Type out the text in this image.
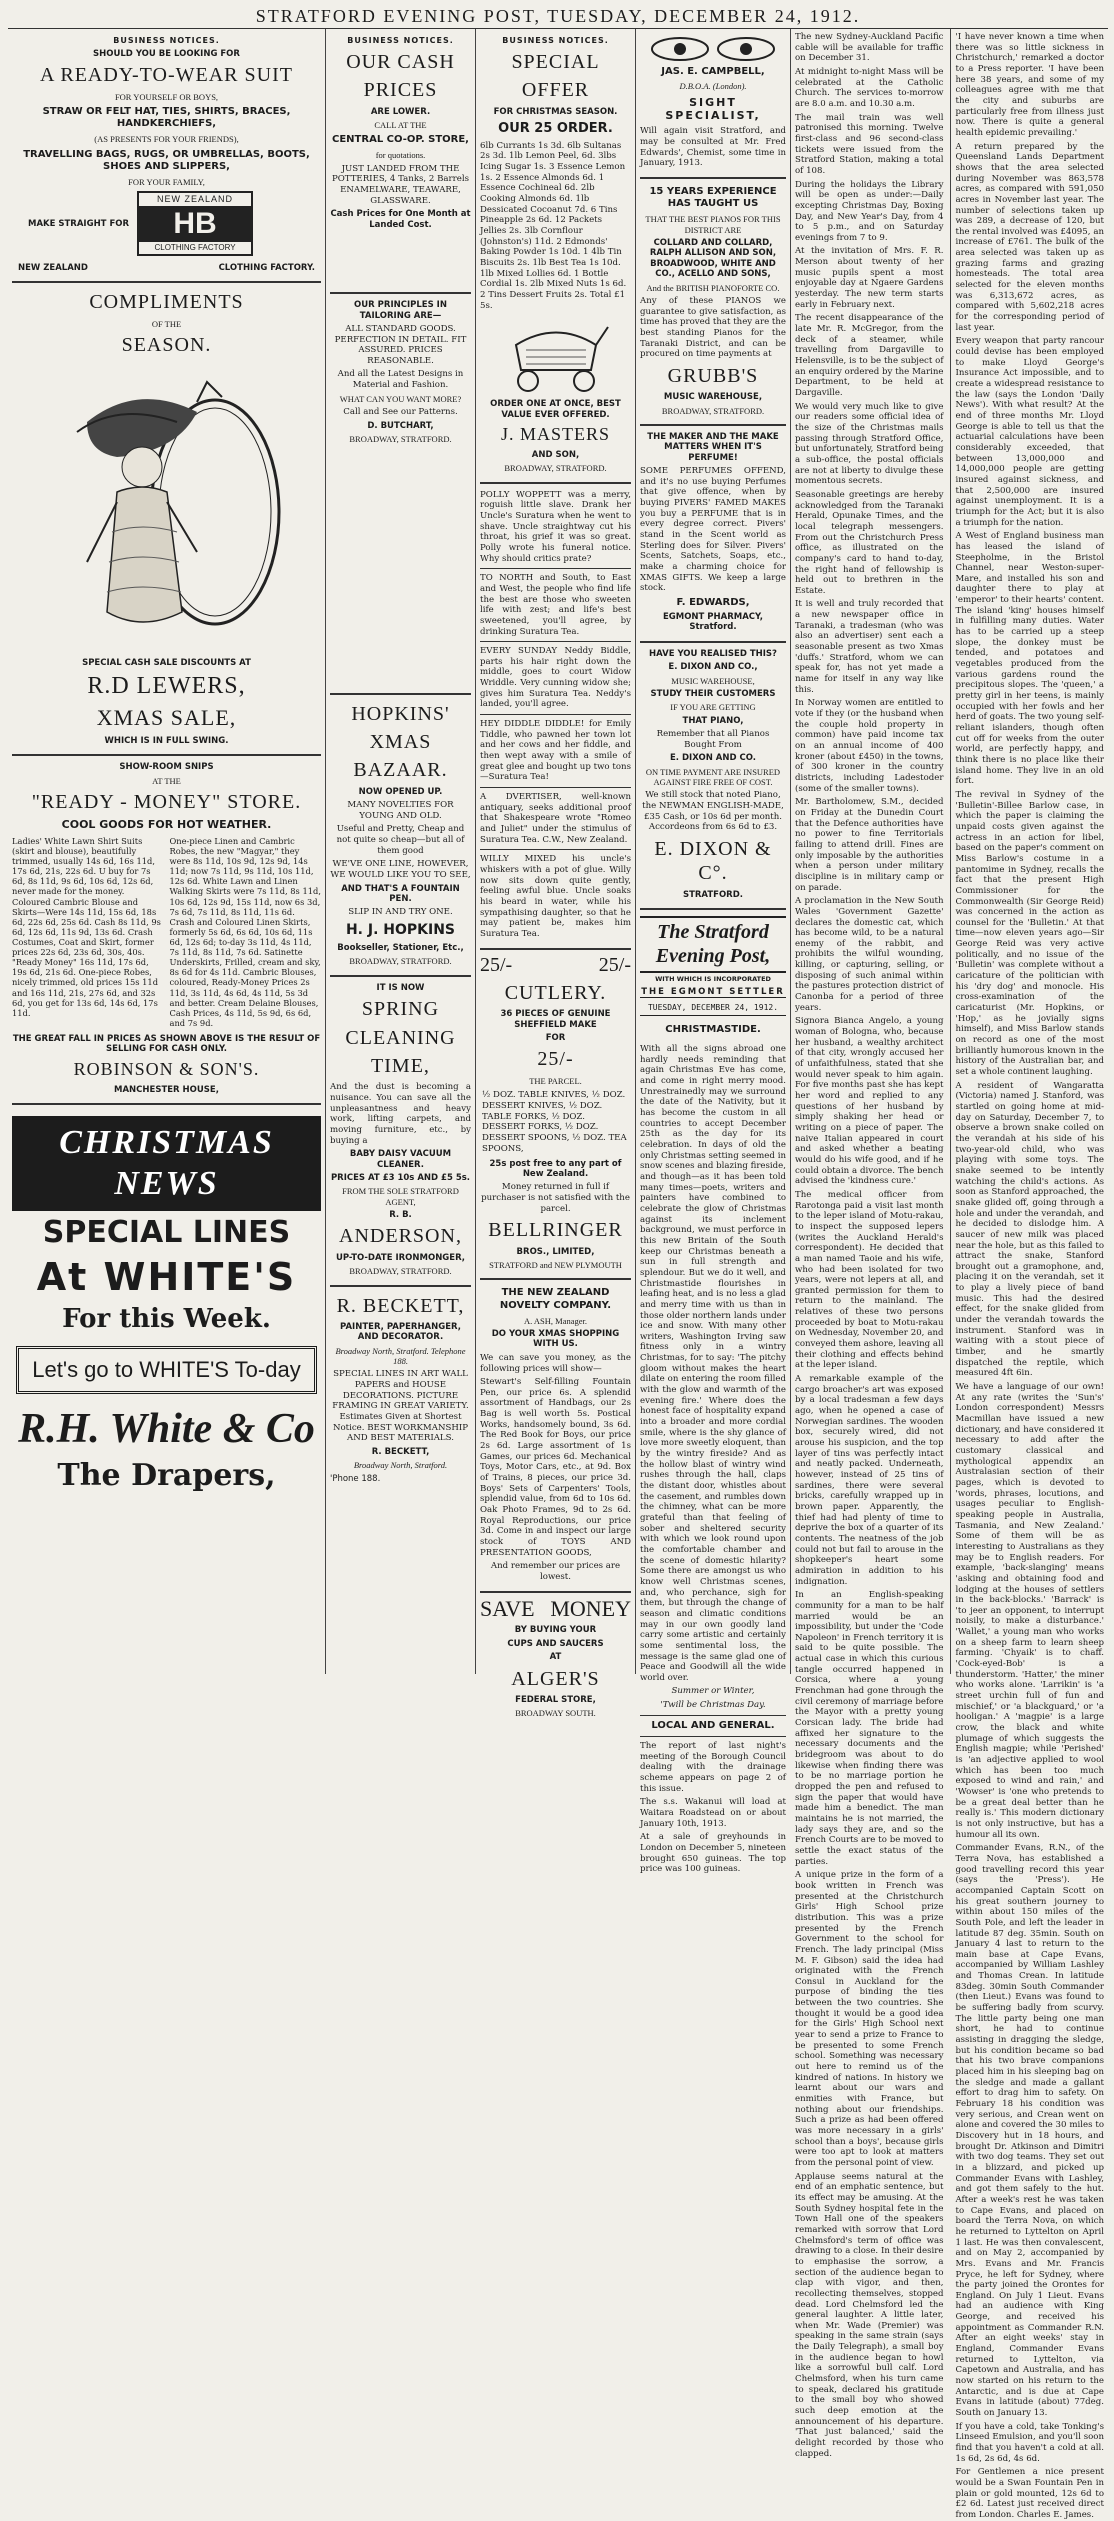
STRATFORD EVENING POST, TUESDAY, DECEMBER 24, 1912.
BUSINESS NOTICES.
SHOULD YOU BE LOOKING FOR
A READY-TO-WEAR SUIT
FOR YOURSELF OR BOYS,
STRAW OR FELT HAT, TIES, SHIRTS, BRACES, HANDKERCHIEFS,
(AS PRESENTS FOR YOUR FRIENDS),
TRAVELLING BAGS, RUGS, OR UMBRELLAS, BOOTS, SHOES AND SLIPPERS,
FOR YOUR FAMILY,
MAKE STRAIGHT FOR
NEW ZEALAND
HB
CLOTHING FACTORY
NEW ZEALAND	CLOTHING FACTORY.
COMPLIMENTS
OF THE
SEASON.
SPECIAL CASH SALE DISCOUNTS AT
R.D LEWERS,
XMAS SALE,
WHICH IS IN FULL SWING.
SHOW-ROOM SNIPS
AT THE
"READY - MONEY" STORE.
COOL GOODS FOR HOT WEATHER.
Ladies' White Lawn Shirt Suits (skirt and blouse), beautifully trimmed, usually 14s 6d, 16s 11d, 17s 6d, 21s, 22s 6d. U buy for 7s 6d, 8s 11d, 9s 6d, 10s 6d, 12s 6d, never made for the money. Coloured Cambric Blouse and Skirts—Were 14s 11d, 15s 6d, 18s 6d, 22s 6d, 25s 6d. Cash 8s 11d, 9s 6d, 12s 6d, 11s 9d, 13s 6d. Crash Costumes, Coat and Skirt, former prices 22s 6d, 23s 6d, 30s, 40s. "Ready Money" 16s 11d, 17s 6d, 19s 6d, 21s 6d. One-piece Robes, nicely trimmed, old prices 15s 11d and 16s 11d, 21s, 27s 6d, and 32s 6d, you get for 13s 6d, 14s 6d, 17s 11d.
One-piece Linen and Cambric Robes, the new "Magyar," they were 8s 11d, 10s 9d, 12s 9d, 14s 11d; now 7s 11d, 9s 11d, 10s 11d, 12s 6d. White Lawn and Linen Walking Skirts were 7s 11d, 8s 11d, 10s 6d, 12s 9d, 15s 11d, now 6s 3d, 7s 6d, 7s 11d, 8s 11d, 11s 6d. Crash and Coloured Linen Skirts, formerly 5s 6d, 6s 6d, 10s 6d, 11s 6d, 12s 6d; to-day 3s 11d, 4s 11d, 7s 11d, 8s 11d, 7s 6d. Satinette Underskirts, Frilled, cream and sky, 8s 6d for 4s 11d. Cambric Blouses, coloured, Ready-Money Prices 2s 11d, 3s 11d, 4s 6d, 4s 11d, 5s 3d and better. Cream Delaine Blouses, Cash Prices, 4s 11d, 5s 9d, 6s 6d, and 7s 9d.
THE GREAT FALL IN PRICES AS SHOWN ABOVE IS THE RESULT OF SELLING FOR CASH ONLY.
ROBINSON & SON'S.
MANCHESTER HOUSE,
CHRISTMAS NEWS
SPECIAL LINES
At WHITE'S
For this Week.
Let's go to WHITE'S To-day
R.H. White & Co
The Drapers,
BUSINESS NOTICES.
OUR CASH
PRICES
ARE LOWER.
CALL AT THE
CENTRAL CO-OP. STORE,
for quotations.
JUST LANDED FROM THE POTTERIES, 4 Tanks, 2 Barrels ENAMELWARE, TEAWARE, GLASSWARE.
Cash Prices for One Month at Landed Cost.
OUR PRINCIPLES IN TAILORING ARE—
ALL STANDARD GOODS. PERFECTION IN DETAIL. FIT ASSURED. PRICES REASONABLE.
And all the Latest Designs in Material and Fashion.
WHAT CAN YOU WANT MORE?
Call and See our Patterns.
D. BUTCHART,
BROADWAY, STRATFORD.
HOPKINS'
XMAS
BAZAAR.
NOW OPENED UP.
MANY NOVELTIES FOR YOUNG AND OLD.
Useful and Pretty, Cheap and not quite so cheap—but all of them good
WE'VE ONE LINE, HOWEVER, WE WOULD LIKE YOU TO SEE,
AND THAT'S A FOUNTAIN PEN.
SLIP IN AND TRY ONE.
H. J. HOPKINS
Bookseller, Stationer, Etc.,
BROADWAY, STRATFORD.
IT IS NOW
SPRING
CLEANING
TIME,
And the dust is becoming a nuisance. You can save all the unpleasantness and heavy work, lifting carpets, and moving furniture, etc., by buying a
BABY DAISY VACUUM CLEANER.
PRICES AT £3 10s AND £5 5s.
FROM THE SOLE STRATFORD AGENT,
R. B.
ANDERSON,
UP-TO-DATE IRONMONGER,
BROADWAY, STRATFORD.
R. BECKETT,
PAINTER, PAPERHANGER, AND DECORATOR.
Broadway North, Stratford. Telephone 188.
SPECIAL LINES IN ART WALL PAPERS and HOUSE DECORATIONS. PICTURE FRAMING IN GREAT VARIETY. Estimates Given at Shortest Notice. BEST WORKMANSHIP AND BEST MATERIALS.
R. BECKETT,
Broadway North, Stratford.
'Phone 188.
BUSINESS NOTICES.
SPECIAL
OFFER
FOR CHRISTMAS SEASON.
OUR 25 ORDER.
6lb Currants 1s 3d. 6lb Sultanas 2s 3d. 1lb Lemon Peel, 6d. 3lbs Icing Sugar 1s. 3 Essence Lemon 1s. 2 Essence Almonds 6d. 1 Essence Cochineal 6d. 2lb Cooking Almonds 6d. 1lb Dessicated Cocoanut 7d. 6 Tins Pineapple 2s 6d. 12 Packets Jellies 2s. 3lb Cornflour (Johnston's) 11d. 2 Edmonds' Baking Powder 1s 10d. 1 4lb Tin Biscuits 2s. 1lb Best Tea 1s 10d. 1lb Mixed Lollies 6d. 1 Bottle Cordial 1s. 2lb Mixed Nuts 1s 6d. 2 Tins Dessert Fruits 2s. Total £1 5s.
ORDER ONE AT ONCE, BEST VALUE EVER OFFERED.
J. MASTERS
AND SON,
BROADWAY, STRATFORD.
POLLY WOPPETT was a merry, roguish little slave. Drank her Uncle's Suratura when he went to shave. Uncle straightway cut his throat, his grief it was so great. Polly wrote his funeral notice. Why should critics prate?
TO NORTH and South, to East and West, the people who find life the best are those who sweeten life with zest; and life's best sweetened, you'll agree, by drinking Suratura Tea.
EVERY SUNDAY Neddy Biddle, parts his hair right down the middle, goes to court Widow Wriddle. Very cunning widow she; gives him Suratura Tea. Neddy's landed, you'll agree.
HEY DIDDLE DIDDLE! for Emily Tiddle, who pawned her town lot and her cows and her fiddle, and then wept away with a smile of great glee and bought up two tons—Suratura Tea!
A DVERTISER, well-known antiquary, seeks additional proof that Shakespeare wrote "Romeo and Juliet" under the stimulus of Suratura Tea. C.W., New Zealand.
WILLY MIXED his uncle's whiskers with a pot of glue. Willy now sits down quite gently, feeling awful blue. Uncle soaks his beard in water, while his sympathising daughter, so that he may patient be, makes him Suratura Tea.
25/-	25/-
CUTLERY.
36 PIECES OF GENUINE SHEFFIELD MAKE
FOR
25/-
THE PARCEL.
½ DOZ. TABLE KNIVES, ½ DOZ. DESSERT KNIVES, ½ DOZ. TABLE FORKS, ½ DOZ. DESSERT FORKS, ½ DOZ. DESSERT SPOONS, ½ DOZ. TEA SPOONS,
25s post free to any part of New Zealand.
Money returned in full if purchaser is not satisfied with the parcel.
BELLRINGER
BROS., LIMITED,
STRATFORD and NEW PLYMOUTH
THE NEW ZEALAND NOVELTY COMPANY.
A. ASH, Manager.
DO YOUR XMAS SHOPPING WITH US.
We can save you money, as the following prices will show—
Stewart's Self-filling Fountain Pen, our price 6s. A splendid assortment of Handbags, our 2s Bag is well worth 5s. Postical Works, handsomely bound, 3s 6d. The Red Book for Boys, our price 2s 6d. Large assortment of 1s Games, our prices 6d. Mechanical Toys, Motor Cars, etc., at 9d. Box of Trains, 8 pieces, our price 3d. Boys' Sets of Carpenters' Tools, splendid value, from 6d to 10s 6d. Oak Photo Frames, 9d to 2s 6d. Royal Reproductions, our price 3d. Come in and inspect our large stock of TOYS AND PRESENTATION GOODS,
And remember our prices are lowest.
SAVE MONEY
BY BUYING YOUR
CUPS AND SAUCERS
AT
ALGER'S
FEDERAL STORE,
BROADWAY SOUTH.
JAS. E. CAMPBELL,
D.B.O.A. (London).
SIGHT SPECIALIST,
Will again visit Stratford, and may be consulted at Mr. Fred Edwards', Chemist, some time in January, 1913.
15 YEARS EXPERIENCE HAS TAUGHT US
THAT THE BEST PIANOS FOR THIS DISTRICT ARE
COLLARD AND COLLARD, RALPH ALLISON AND SON, BROADWOOD, WHITE AND CO., ACELLO AND SONS,
And the BRITISH PIANOFORTE CO.
Any of these PIANOS we guarantee to give satisfaction, as time has proved that they are the best standing Pianos for the Taranaki District, and can be procured on time payments at
GRUBB'S
MUSIC WAREHOUSE,
BROADWAY, STRATFORD.
THE MAKER AND THE MAKE MATTERS WHEN IT'S PERFUME!
SOME PERFUMES OFFEND, and it's no use buying Perfumes that give offence, when by buying PIVERS' FAMED MAKES you buy a PERFUME that is in every degree correct. Pivers' stand in the Scent world as Sterling does for Silver. Pivers' Scents, Satchets, Soaps, etc., make a charming choice for XMAS GIFTS. We keep a large stock.
F. EDWARDS,
EGMONT PHARMACY, Stratford.
HAVE YOU REALISED THIS?
E. DIXON AND CO.,
MUSIC WAREHOUSE,
STUDY THEIR CUSTOMERS
IF YOU ARE GETTING
THAT PIANO,
Remember that all Pianos Bought From
E. DIXON AND CO.
ON TIME PAYMENT ARE INSURED AGAINST FIRE FREE OF COST.
We still stock that noted Piano, the NEWMAN ENGLISH-MADE, £35 Cash, or 10s 6d per month. Accordeons from 6s 6d to £3.
E. DIXON & C°.
STRATFORD.
The Stratford Evening Post,
WITH WHICH IS INCORPORATED
THE EGMONT SETTLER
TUESDAY, DECEMBER 24, 1912.
CHRISTMASTIDE.
With all the signs abroad one hardly needs reminding that again Christmas Eve has come, and come in right merry mood. Unrestrainedly may we surround the date of the Nativity, but it has become the custom in all countries to accept December 25th as the day for its celebration. In days of old the only Christmas setting seemed in snow scenes and blazing fireside, and though—as it has been told many times—poets, writers and painters have combined to celebrate the glow of Christmas against its inclement background, we must perforce in this new Britain of the South keep our Christmas beneath a sun in full strength and splendour. But we do it well, and Christmastide flourishes in leafing heat, and is no less a glad and merry time with us than in those older northern lands under ice and snow. With many other writers, Washington Irving saw fitness only in a wintry Christmas, for to say: 'The pitchy gloom without makes the heart dilate on entering the room filled with the glow and warmth of the evening fire.' Where does the honest face of hospitality expand into a broader and more cordial smile, where is the shy glance of love more sweetly eloquent, than by the wintry fireside? And as the hollow blast of wintry wind rushes through the hall, claps the distant door, whistles about the casement, and rumbles down the chimney, what can be more grateful than that feeling of sober and sheltered security with which we look round upon the comfortable chamber and the scene of domestic hilarity? Some there are amongst us who know well Christmas scenes, and, who perchance, sigh for them, but through the change of season and climatic conditions may in our own goodly land carry some artistic and certainly some sentimental loss, the message is the same glad one of Peace and Goodwill all the wide world over.
Summer or Winter,
'Twill be Christmas Day.
LOCAL AND GENERAL.
The report of last night's meeting of the Borough Council dealing with the drainage scheme appears on page 2 of this issue.
The s.s. Wakanui will load at Waitara Roadstead on or about January 10th, 1913.
At a sale of greyhounds in London on December 5, nineteen brought 650 guineas. The top price was 100 guineas.
The new Sydney-Auckland Pacific cable will be available for traffic on December 31.
At midnight to-night Mass will be celebrated at the Catholic Church. The services to-morrow are 8.0 a.m. and 10.30 a.m.
The mail train was well patronised this morning. Twelve first-class and 96 second-class tickets were issued from the Stratford Station, making a total of 108.
During the holidays the Library will be open as under:—Daily excepting Christmas Day, Boxing Day, and New Year's Day, from 4 to 5 p.m., and on Saturday evenings from 7 to 9.
At the invitation of Mrs. F. R. Merson about twenty of her music pupils spent a most enjoyable day at Ngaere Gardens yesterday. The new term starts early in February next.
The recent disappearance of the late Mr. R. McGregor, from the deck of a steamer, while travelling from Dargaville to Helensville, is to be the subject of an enquiry ordered by the Marine Department, to be held at Dargaville.
We would very much like to give our readers some official idea of the size of the Christmas mails passing through Stratford Office, but unfortunately, Stratford being a sub-office, the postal officials are not at liberty to divulge these momentous secrets.
Seasonable greetings are hereby acknowledged from the Taranaki Herald, Opunake Times, and the local telegraph messengers. From out the Christchurch Press office, as illustrated on the company's card to hand to-day, the right hand of fellowship is held out to brethren in the Estate.
It is well and truly recorded that a new newspaper office in Taranaki, a tradesman (who was also an advertiser) sent each a seasonable present as two Xmas 'duffs.' Stratford, whom we can speak for, has not yet made a name for itself in any way like this.
In Norway women are entitled to vote if they (or the husband when the couple hold property in common) have paid income tax on an annual income of 400 kroner (about £450) in the towns, of 300 kroner in the country districts, including Ladestoder (some of the smaller towns).
Mr. Bartholomew, S.M., decided on Friday at the Dunedin Court that the Defence authorities have no power to fine Territorials failing to attend drill. Fines are only imposable by the authorities when a person under military discipline is in military camp or on parade.
A proclamation in the New South Wales 'Government Gazette' declares the domestic cat, which has become wild, to be a natural enemy of the rabbit, and prohibits the wilful wounding, killing, or capturing, selling, or disposing of such animal within the pastures protection district of Canonba for a period of three years.
Signora Bianca Angelo, a young woman of Bologna, who, because her husband, a wealthy architect of that city, wrongly accused her of unfaithfulness, stated that she would never speak to him again. For five months past she has kept her word and replied to any questions of her husband by simply shaking her head or writing on a piece of paper. The naive Italian appeared in court and asked whether a beating would do his wife good, and if he could obtain a divorce. The bench advised the 'kindness cure.'
The medical officer from Rarotonga paid a visit last month to the leper island of Motu-rakau, to inspect the supposed lepers (writes the Auckland Herald's correspondent). He decided that a man named Taoie and his wife, who had been isolated for two years, were not lepers at all, and granted permission for them to return to the mainland. The relatives of these two persons proceeded by boat to Motu-rakau on Wednesday, November 20, and conveyed them ashore, leaving all their clothing and effects behind at the leper island.
A remarkable example of the cargo broacher's art was exposed by a local tradesman a few days ago, when he opened a case of Norwegian sardines. The wooden box, securely wired, did not arouse his suspicion, and the top layer of tins was perfectly intact and neatly packed. Underneath, however, instead of 25 tins of sardines, there were several bricks, carefully wrapped up in brown paper. Apparently, the thief had had plenty of time to deprive the box of a quarter of its contents. The neatness of the job could not but fail to arouse in the shopkeeper's heart some admiration in addition to his indignation.
In an English-speaking community for a man to be half married would be an impossibility, but under the 'Code Napoleon' in French territory it is said to be quite possible. The actual case in which this curious tangle occurred happened in Corsica, where a young Frenchman had gone through the civil ceremony of marriage before the Mayor with a pretty young Corsican lady. The bride had affixed her signature to the necessary documents and the bridegroom was about to do likewise when finding there was to be no marriage portion he dropped the pen and refused to sign the paper that would have made him a benedict. The man maintains he is not married, the lady says they are, and so the French Courts are to be moved to settle the exact status of the parties.
A unique prize in the form of a book written in French was presented at the Christchurch Girls' High School prize distribution. This was a prize presented by the French Government to the school for French. The lady principal (Miss M. F. Gibson) said the idea had originated with the French Consul in Auckland for the purpose of binding the ties between the two countries. She thought it would be a good idea for the Girls' High School next year to send a prize to France to be presented to some French school. Something was necessary out here to remind us of the kindred of nations. In history we learnt about our wars and enmities with France, but nothing about our friendships. Such a prize as had been offered was more necessary in a girls' school than a boys', because girls were too apt to look at matters from the personal point of view.
Applause seems natural at the end of an emphatic sentence, but its effect may be amusing. At the South Sydney hospital fete in the Town Hall one of the speakers remarked with sorrow that Lord Chelmsford's term of office was drawing to a close. In their desire to emphasise the sorrow, a section of the audience began to clap with vigor, and then, recollecting themselves, stopped dead. Lord Chelmsford led the general laughter. A little later, when Mr. Wade (Premier) was speaking in the same strain (says the Daily Telegraph), a small boy in the audience began to howl like a sorrowful bull calf. Lord Chelmsford, when his turn came to speak, declared his gratitude to the small boy who showed such deep emotion at the announcement of his departure. 'That just balanced,' said the delight recorded by those who clapped.
'I have never known a time when there was so little sickness in Christchurch,' remarked a doctor to a Press reporter. 'I have been here 38 years, and some of my colleagues agree with me that the city and suburbs are particularly free from illness just now. There is quite a general health epidemic prevailing.'
A return prepared by the Queensland Lands Department shows that the area selected during November was 863,578 acres, as compared with 591,050 acres in November last year. The number of selections taken up was 289, a decrease of 120, but the rental involved was £4095, an increase of £761. The bulk of the area selected was taken up as grazing farms and grazing homesteads. The total area selected for the eleven months was 6,313,672 acres, as compared with 5,602,218 acres for the corresponding period of last year.
Every weapon that party rancour could devise has been employed to make Lloyd George's Insurance Act impossible, and to create a widespread resistance to the law (says the London 'Daily News'). With what result? At the end of three months Mr. Lloyd George is able to tell us that the actuarial calculations have been considerably exceeded, that between 13,000,000 and 14,000,000 people are getting insured against sickness, and that 2,500,000 are insured against unemployment. It is a triumph for the Act; but it is also a triumph for the nation.
A West of England business man has leased the island of Steepholme, in the Bristol Channel, near Weston-super-Mare, and installed his son and daughter there to play at 'emperor' to their hearts' content. The island 'king' houses himself in fulfilling many duties. Water has to be carried up a steep slope, the donkey must be tended, and potatoes and vegetables produced from the various gardens round the precipitous slopes. The 'queen,' a pretty girl in her teens, is mainly occupied with her fowls and her herd of goats. The two young self-reliant islanders, though often cut off for weeks from the outer world, are perfectly happy, and think there is no place like their island home. They live in an old fort.
The revival in Sydney of the 'Bulletin'-Billee Barlow case, in which the paper is claiming the unpaid costs given against the actress in an action for libel, based on the paper's comment on Miss Barlow's costume in a pantomime in Sydney, recalls the fact that the present High Commissioner for the Commonwealth (Sir George Reid) was concerned in the action as counsel for the 'Bulletin.' At that time—now eleven years ago—Sir George Reid was very active politically, and no issue of the 'Bulletin' was complete without a caricature of the politician with his 'dry dog' and monocle. His cross-examination of the caricaturist (Mr. Hopkins, or 'Hop,' as he jovially signs himself), and Miss Barlow stands on record as one of the most brilliantly humorous known in the history of the Australian bar, and set a whole continent laughing.
A resident of Wangaratta (Victoria) named J. Stanford, was startled on going home at mid-day on Saturday, December 7, to observe a brown snake coiled on the verandah at his side of his two-year-old child, who was playing with some toys. The snake seemed to be intently watching the child's actions. As soon as Stanford approached, the snake glided off, going through a hole and under the verandah, and he decided to dislodge him. A saucer of new milk was placed near the hole, but as this failed to attract the snake, Stanford brought out a gramophone, and, placing it on the verandah, set it to play a lively piece of band music. This had the desired effect, for the snake glided from under the verandah towards the instrument. Stanford was in waiting with a stout piece of timber, and he smartly dispatched the reptile, which measured 4ft 6in.
We have a language of our own! At any rate (writes the 'Sun's' London correspondent) Messrs Macmillan have issued a new dictionary, and have considered it necessary to add after the customary classical and mythological appendix an Australasian section of their pages, which is devoted to 'words, phrases, locutions, and usages peculiar to English-speaking people in Australia, Tasmania, and New Zealand.' Some of them will be as interesting to Australians as they may be to English readers. For example, 'back-slanging' means 'asking and obtaining food and lodging at the houses of settlers in the back-blocks.' 'Barrack' is 'to jeer an opponent, to interrupt noisily, to make a disturbance.' 'Wallet,' a young man who works on a sheep farm to learn sheep farming. 'Chyaik' is to chaff. 'Cock-eyed-Bob' is a thunderstorm. 'Hatter,' the miner who works alone. 'Larrikin' is 'a street urchin full of fun and mischief,' or 'a blackguard,' or 'a hooligan.' A 'magpie' is a large crow, the black and white plumage of which suggests the English magpie; while 'Perished' is 'an adjective applied to wool which has been too much exposed to wind and rain,' and 'Wowser' is 'one who pretends to be a great deal better than he really is.' This modern dictionary is not only instructive, but has a humour all its own.
Commander Evans, R.N., of the Terra Nova, has established a good travelling record this year (says the 'Press'). He accompanied Captain Scott on his great southern journey to within about 150 miles of the South Pole, and left the leader in latitude 87 deg. 35min. South on January 4 last to return to the main base at Cape Evans, accompanied by William Lashley and Thomas Crean. In latitude 83deg. 30min South Commander (then Lieut.) Evans was found to be suffering badly from scurvy. The little party being one man short, he had to continue assisting in dragging the sledge, but his condition became so bad that his two brave companions placed him in his sleeping bag on the sledge and made a gallant effort to drag him to safety. On February 18 his condition was very serious, and Crean went on alone and covered the 30 miles to Discovery hut in 18 hours, and brought Dr. Atkinson and Dimitri with two dog teams. They set out in a blizzard, and picked up Commander Evans with Lashley, and got them safely to the hut. After a week's rest he was taken to Cape Evans, and placed on board the Terra Nova, on which he returned to Lyttelton on April 1 last. He was then convalescent, and on May 2, accompanied by Mrs. Evans and Mr. Francis Pryce, he left for Sydney, where the party joined the Orontes for England. On July 1 Lieut. Evans had an audience with King George, and received his appointment as Commander R.N. After an eight weeks' stay in England, Commander Evans returned to Lyttelton, via Capetown and Australia, and has now started on his return to the Antarctic, and is due at Cape Evans in latitude (about) 77deg. South on January 13.
If you have a cold, take Tonking's Linseed Emulsion, and you'll soon find that you haven't a cold at all. 1s 6d, 2s 6d, 4s 6d.
For Gentlemen a nice present would be a Swan Fountain Pen in plain or gold mounted, 12s 6d to £2 6d. Latest just received direct from London. Charles E. James.
